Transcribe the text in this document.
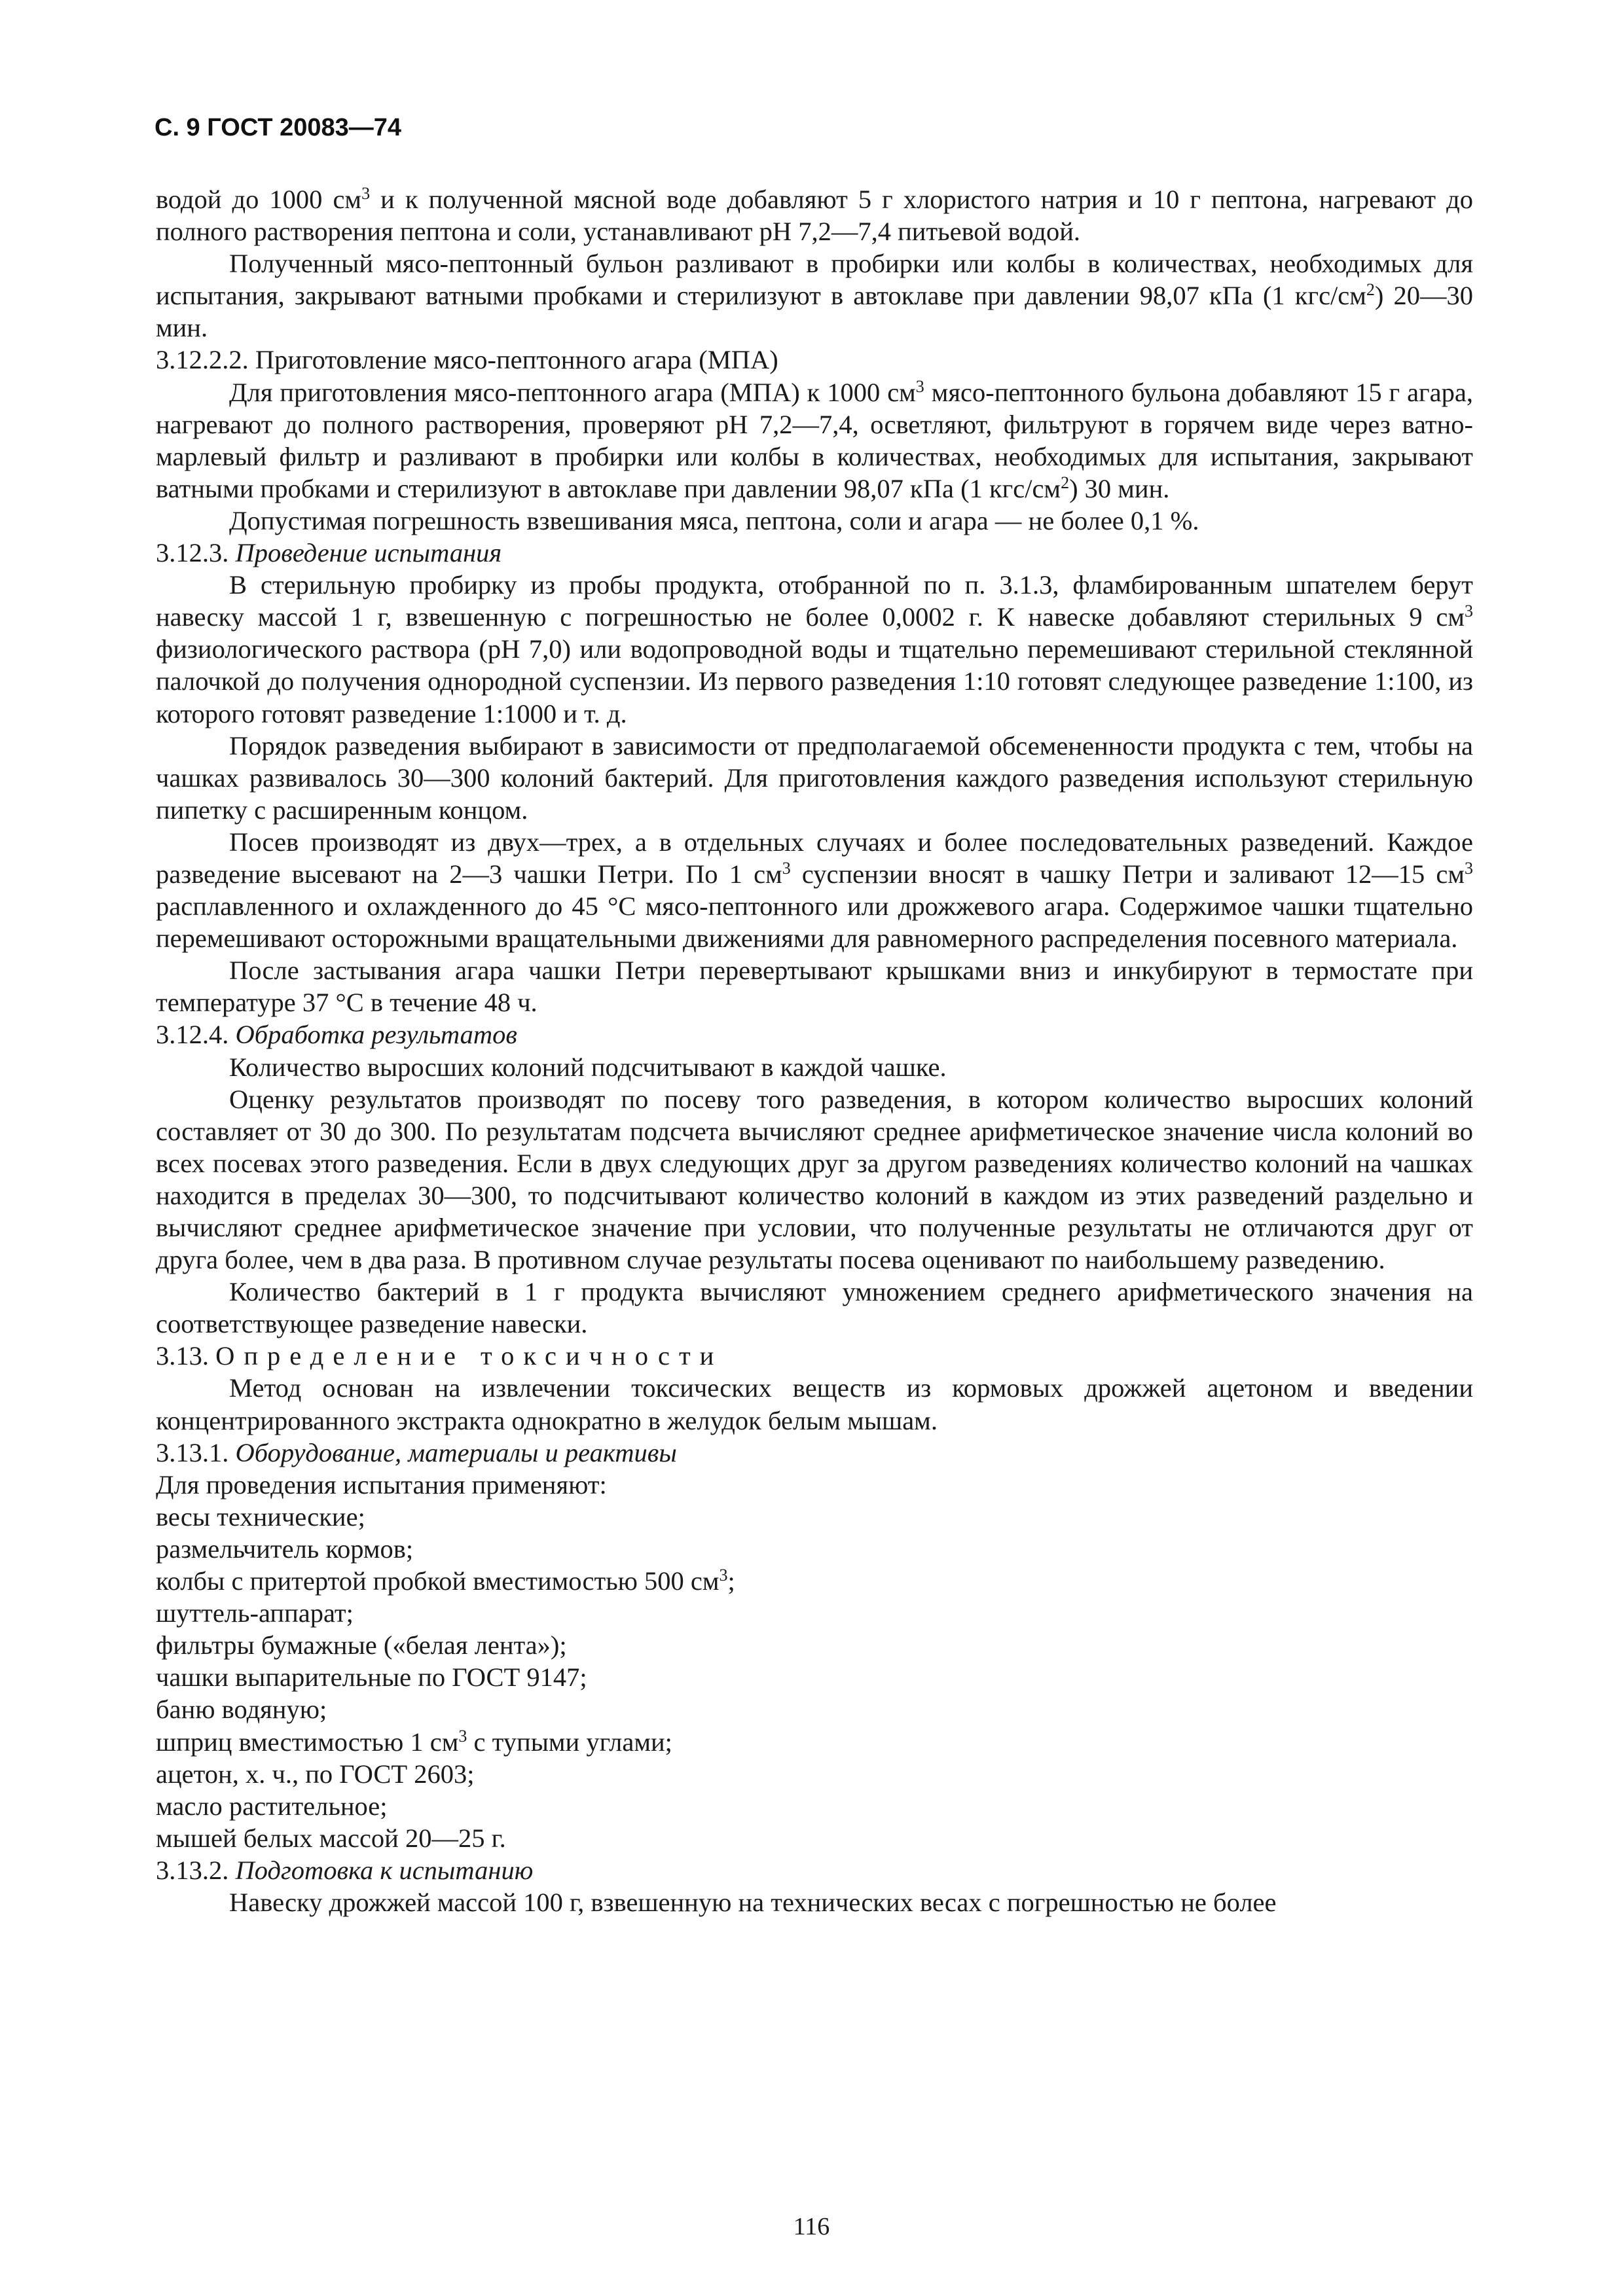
С. 9 ГОСТ 20083—74

водой до 1000 $см^3$ и к полученной мясной воде добавляют 5 г хлористого натрия и 10 г пептона, нагревают до полного растворения пептона и соли, устанавливают рН 7,2—7,4 питьевой водой.

Полученный мясо-пептонный бульон разливают в пробирки или колбы в количествах, необходимых для испытания, закрывают ватными пробками и стерилизуют в автоклаве при давлении 98,07 кПа (1 кгс/$см^2$) 20—30 мин.

3.12.2.2. Приготовление мясо-пептонного агара (МПА)

Для приготовления мясо-пептонного агара (МПА) к 1000 $см^3$ мясо-пептонного бульона добавляют 15 г агара, нагревают до полного растворения, проверяют рН 7,2—7,4, осветляют, фильтруют в горячем виде через ватно-марлевый фильтр и разливают в пробирки или колбы в количествах, необходимых для испытания, закрывают ватными пробками и стерилизуют в автоклаве при давлении 98,07 кПа (1 кгс/$см^2$) 30 мин.

Допустимая погрешность взвешивания мяса, пептона, соли и агара — не более 0,1 %.

3.12.3. Проведение испытания

В стерильную пробирку из пробы продукта, отобранной по п. 3.1.3, фламбированным шпателем берут навеску массой 1 г, взвешенную с погрешностью не более 0,0002 г. К навеске добавляют стерильных 9 $см^3$ физиологического раствора (рН 7,0) или водопроводной воды и тщательно перемешивают стерильной стеклянной палочкой до получения однородной суспензии. Из первого разведения 1:10 готовят следующее разведение 1:100, из которого готовят разведение 1:1000 и т. д.

Порядок разведения выбирают в зависимости от предполагаемой обсемененности продукта с тем, чтобы на чашках развивалось 30—300 колоний бактерий. Для приготовления каждого разведения используют стерильную пипетку с расширенным концом.

Посев производят из двух—трех, а в отдельных случаях и более последовательных разведений. Каждое разведение высевают на 2—3 чашки Петри. По 1 $см^3$ суспензии вносят в чашку Петри и заливают 12—15 $см^3$ расплавленного и охлажденного до 45 °С мясо-пептонного или дрожжевого агара. Содержимое чашки тщательно перемешивают осторожными вращательными движениями для равномерного распределения посевного материала.

После застывания агара чашки Петри перевертывают крышками вниз и инкубируют в термостате при температуре 37 °С в течение 48 ч.

3.12.4. Обработка результатов

Количество выросших колоний подсчитывают в каждой чашке.

Оценку результатов производят по посеву того разведения, в котором количество выросших колоний составляет от 30 до 300. По результатам подсчета вычисляют среднее арифметическое значение числа колоний во всех посевах этого разведения. Если в двух следующих друг за другом разведениях количество колоний на чашках находится в пределах 30—300, то подсчитывают количество колоний в каждом из этих разведений раздельно и вычисляют среднее арифметическое значение при условии, что полученные результаты не отличаются друг от друга более, чем в два раза. В противном случае результаты посева оценивают по наибольшему разведению.

Количество бактерий в 1 г продукта вычисляют умножением среднего арифметического значения на соответствующее разведение навески.

3.13. Определение токсичности

Метод основан на извлечении токсических веществ из кормовых дрожжей ацетоном и введении концентрированного экстракта однократно в желудок белым мышам.

3.13.1. Оборудование, материалы и реактивы

Для проведения испытания применяют:

весы технические;

размельчитель кормов;

колбы с притертой пробкой вместимостью 500 $см^3$;

шуттель-аппарат;

фильтры бумажные («белая лента»);

чашки выпарительные по ГОСТ 9147;

баню водяную;

шприц вместимостью 1 $см^3$ с тупыми углами;

ацетон, х. ч., по ГОСТ 2603;

масло растительное;

мышей белых массой 20—25 г.

3.13.2. Подготовка к испытанию

Навеску дрожжей массой 100 г, взвешенную на технических весах с погрешностью не более

116
